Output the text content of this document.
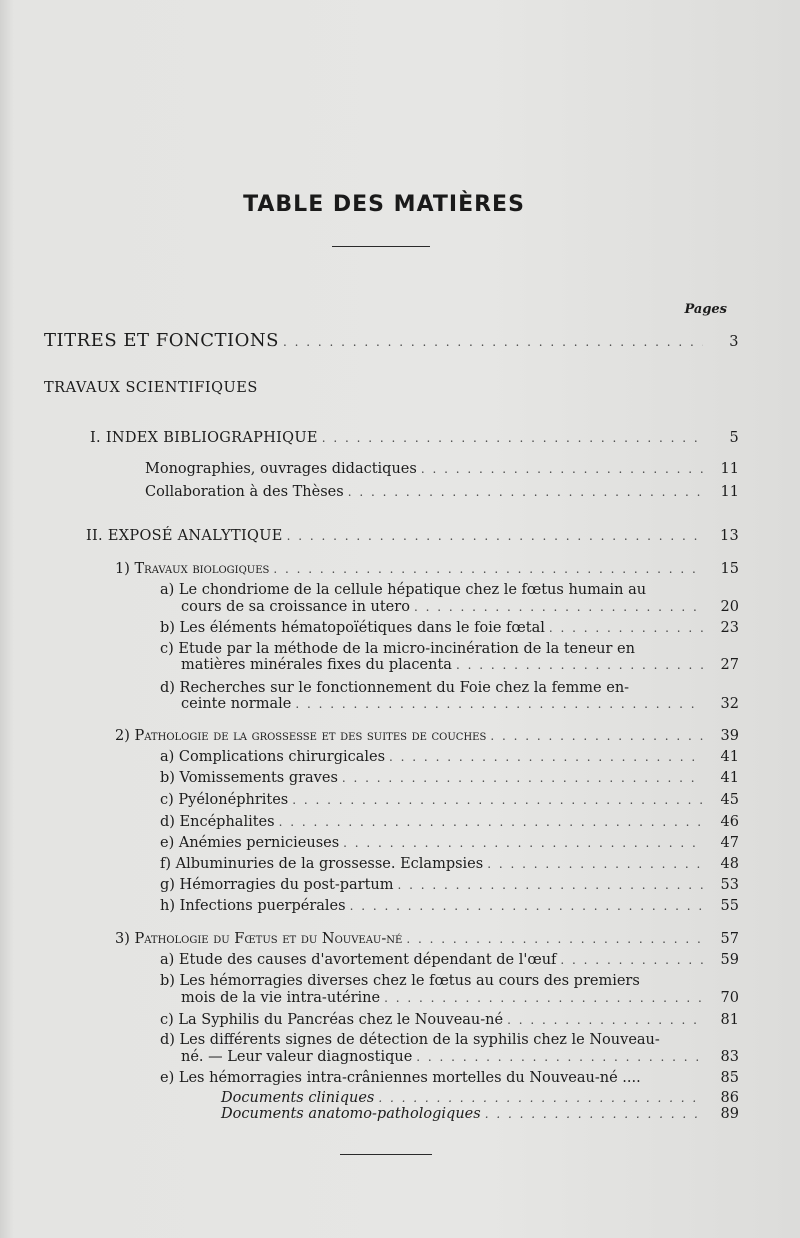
TABLE DES MATIÈRES
Pages
TITRES ET FONCTIONS . . .	3
TRAVAUX SCIENTIFIQUES
I. INDEX BIBLIOGRAPHIQUE . . .	5
Monographies, ouvrages didactiques . . .	11
Collaboration à des Thèses . . .	11
II. EXPOSÉ ANALYTIQUE . . .	13
1) Travaux biologiques . . .	15
a) Le chondriome de la cellule hépatique chez le fœtus humain au
cours de sa croissance in utero . . .	20
b) Les éléments hématopoïétiques dans le foie fœtal . . .	23
c) Etude par la méthode de la micro-incinération de la teneur en
matières minérales fixes du placenta . . .	27
d) Recherches sur le fonctionnement du Foie chez la femme en-
ceinte normale . . .	32
2) Pathologie de la grossesse et des suites de couches . . .	39
a) Complications chirurgicales . . .	41
b) Vomissements graves . . .	41
c) Pyélonéphrites . . .	45
d) Encéphalites . . .	46
e) Anémies pernicieuses . . .	47
f) Albuminuries de la grossesse. Eclampsies . . .	48
g) Hémorragies du post-partum . . .	53
h) Infections puerpérales . . .	55
3) Pathologie du Fœtus et du Nouveau-né . . .	57
a) Etude des causes d'avortement dépendant de l'œuf . . .	59
b) Les hémorragies diverses chez le fœtus au cours des premiers
mois de la vie intra-utérine . . .	70
c) La Syphilis du Pancréas chez le Nouveau-né . . .	81
d) Les différents signes de détection de la syphilis chez le Nouveau-
né. — Leur valeur diagnostique . . .	83
e) Les hémorragies intra-crâniennes mortelles du Nouveau-né ....	85
Documents cliniques . . .	86
Documents anatomo-pathologiques . . .	89
